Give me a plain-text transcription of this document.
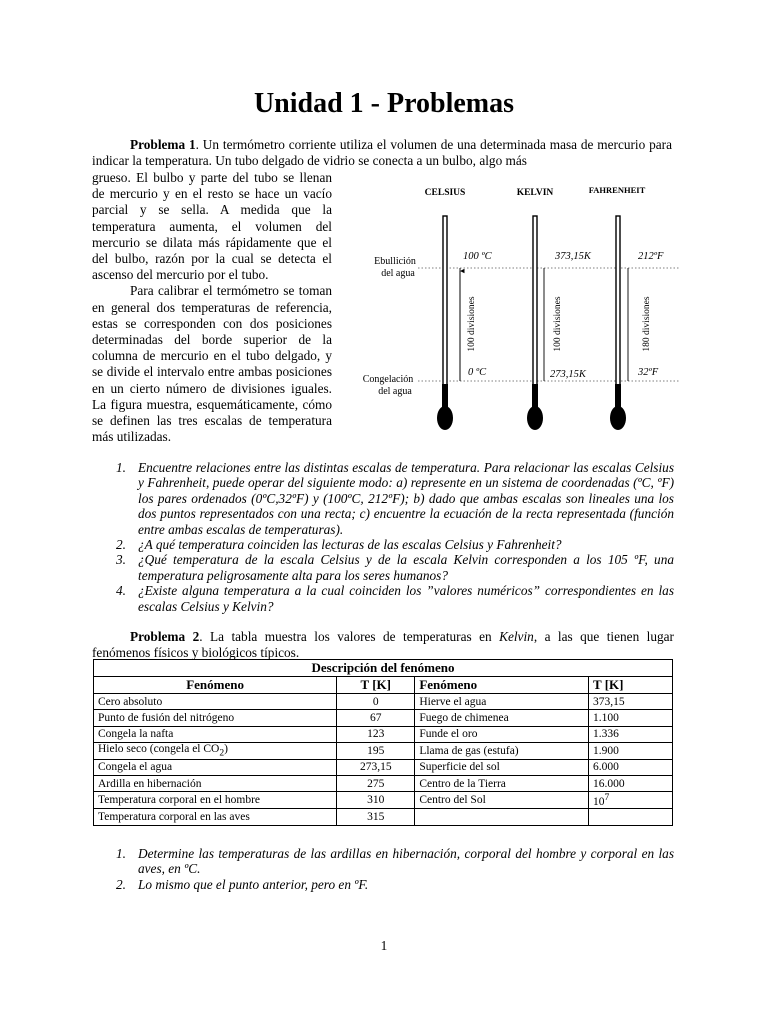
Unidad 1 - Problemas
Problema 1. Un termómetro corriente utiliza el volumen de una determinada masa de mercurio para indicar la temperatura. Un tubo delgado de vidrio se conecta a un bulbo, algo más

grueso. El bulbo y parte del tubo se llenan de mercurio y en el resto se hace un vacío parcial y se sella. A medida que la temperatura aumenta, el volumen del mercurio se dilata más rápidamente que el del bulbo, razón por la cual se detecta el ascenso del mercurio por el tubo.

Para calibrar el termómetro se toman en general dos temperaturas de referencia, estas se corresponden con dos posiciones determinadas del borde superior de la columna de mercurio en el tubo delgado, y se divide el intervalo entre ambas posiciones en un cierto número de divisiones iguales. La figura muestra, esquemáticamente, cómo se definen las tres escalas de temperatura más utilizadas.

CELSIUS	KELVIN	FAHRENHEIT
Ebullición
del agua
Congelación
del agua
100 divisiones
100 ºC
0 ºC
100 divisiones
373,15K
273,15K
180 divisiones
212ºF
32ºF
1. Encuentre relaciones entre las distintas escalas de temperatura. Para relacionar las escalas Celsius y Fahrenheit, puede operar del siguiente modo: a) represente en un sistema de coordenadas (ºC, ºF) los pares ordenados (0ºC,32ºF) y (100ºC, 212ºF); b) dado que ambas escalas son lineales una los dos puntos representados con una recta; c) encuentre la ecuación de la recta representada (función entre ambas escalas de temperaturas).
2. ¿A qué temperatura coinciden las lecturas de las escalas Celsius y Fahrenheit?
3. ¿Qué temperatura de la escala Celsius y de la escala Kelvin corresponden a los 105 ºF, una temperatura peligrosamente alta para los seres humanos?
4. ¿Existe alguna temperatura a la cual coinciden los ”valores numéricos” correspondientes en las escalas Celsius y Kelvin?
Problema 2. La tabla muestra los valores de temperaturas en Kelvin, a las que tienen lugar fenómenos físicos y biológicos típicos.
Descripción del fenómeno			
Fenómeno	T [K]	Fenómeno	T [K]
Cero absoluto	0	Hierve el agua	373,15
Punto de fusión del nitrógeno	67	Fuego de chimenea	1.100
Congela la nafta	123	Funde el oro	1.336
Hielo seco (congela el $CO_2$)	195	Llama de gas (estufa)	1.900
Congela el agua	273,15	Superficie del sol	6.000
Ardilla en hibernación	275	Centro de la Tierra	16.000
Temperatura corporal en el hombre	310	Centro del Sol	$10^7$
Temperatura corporal en las aves	315		
1. Determine las temperaturas de las ardillas en hibernación, corporal del hombre y corporal en las aves, en ºC.
2. Lo mismo que el punto anterior, pero en ºF.
1
